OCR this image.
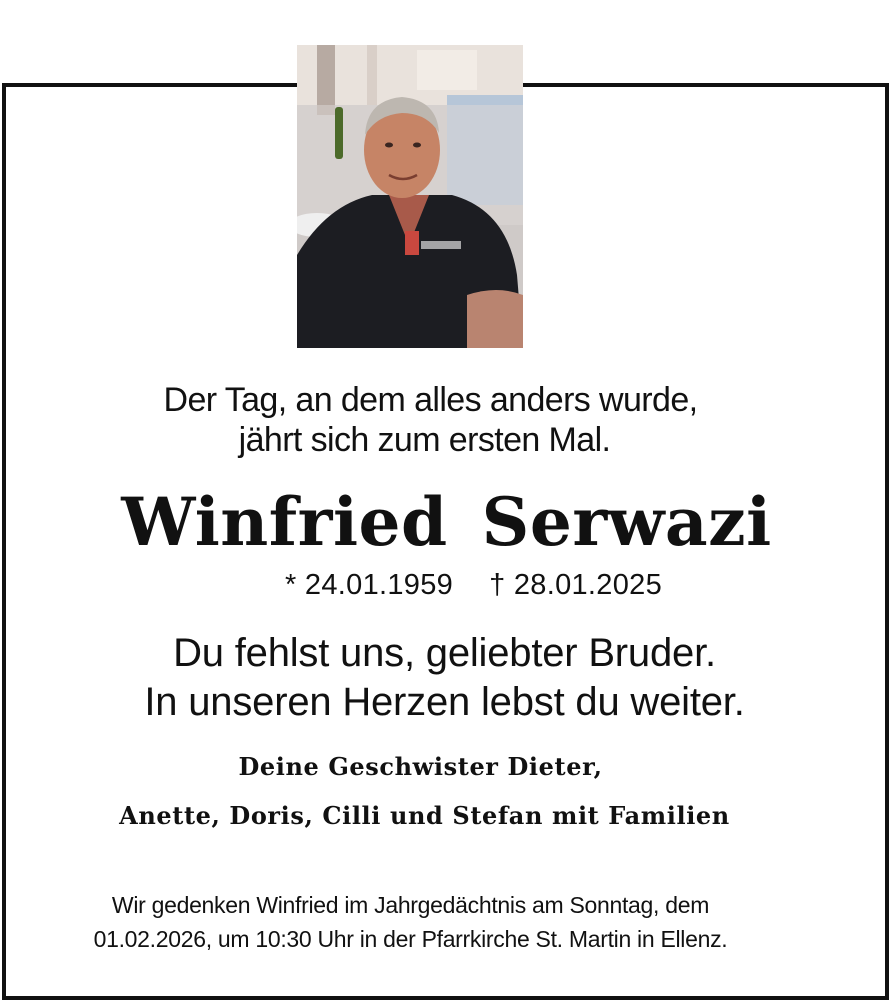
Der Tag, an dem alles anders wurde,
jährt sich zum ersten Mal.
Winfried Serwazi
* 24.01.1959 † 28.01.2025
Du fehlst uns, geliebter Bruder.
In unseren Herzen lebst du weiter.
Deine Geschwister Dieter,
Anette, Doris, Cilli und Stefan mit Familien
Wir gedenken Winfried im Jahrgedächtnis am Sonntag, dem
01.02.2026, um 10:30 Uhr in der Pfarrkirche St. Martin in Ellenz.
